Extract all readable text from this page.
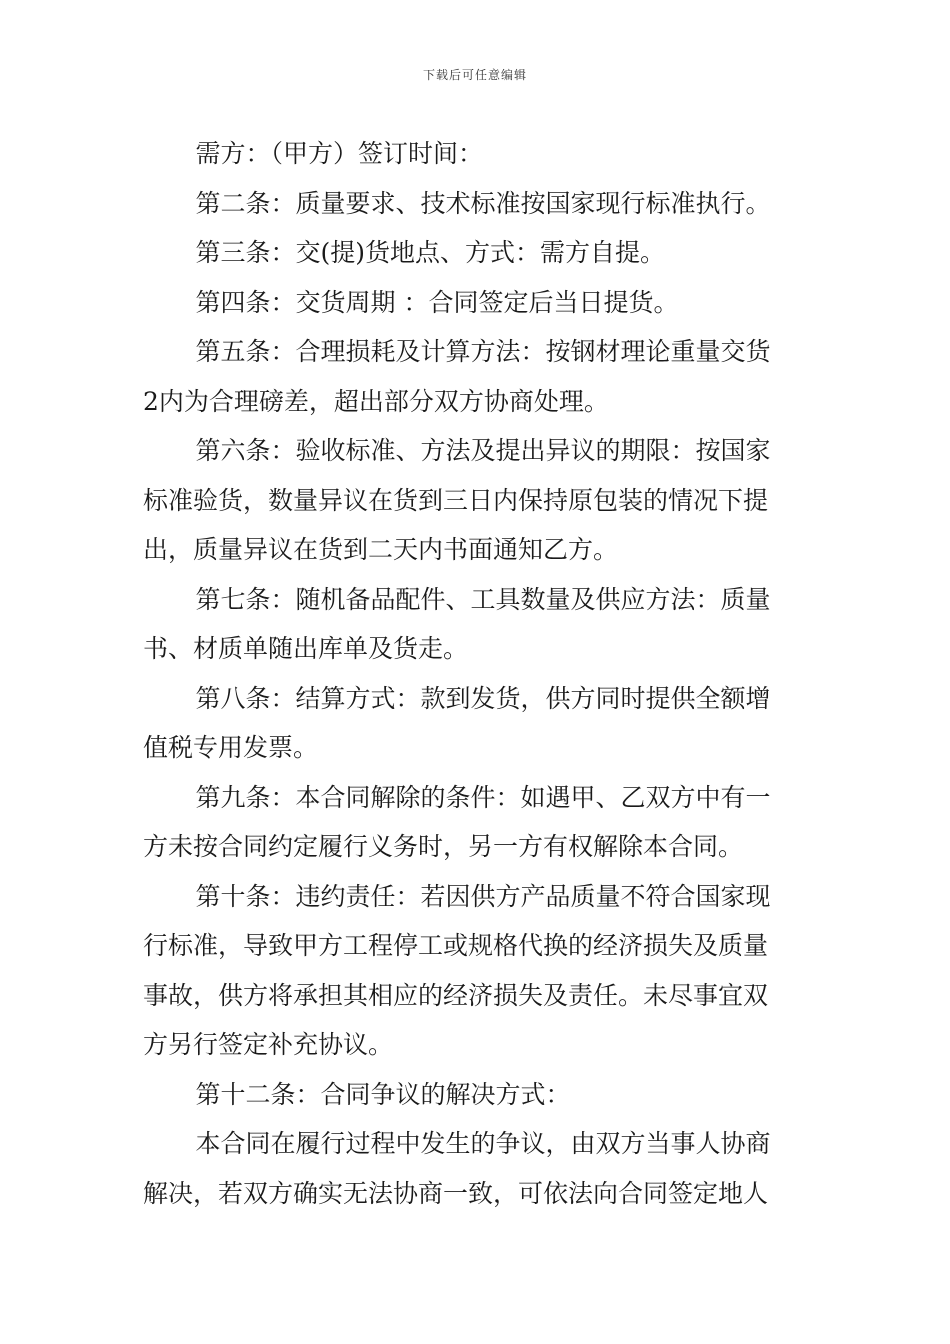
下载后可任意编辑

需方：（甲方）签订时间：

第二条：质量要求、技术标准按国家现行标准执行。

第三条：交(提)货地点、方式：需方自提。

第四条：交货周期 ：合同签定后当日提货。

第五条：合理损耗及计算方法：按钢材理论重量交货
2内为合理磅差，超出部分双方协商处理。

第六条：验收标准、方法及提出异议的期限：按国家
标准验货，数量异议在货到三日内保持原包装的情况下提
出，质量异议在货到二天内书面通知乙方。

第七条：随机备品配件、工具数量及供应方法：质量
书、材质单随出库单及货走。

第八条：结算方式：款到发货，供方同时提供全额增
值税专用发票。

第九条：本合同解除的条件：如遇甲、乙双方中有一
方未按合同约定履行义务时，另一方有权解除本合同。

第十条：违约责任：若因供方产品质量不符合国家现
行标准，导致甲方工程停工或规格代换的经济损失及质量
事故，供方将承担其相应的经济损失及责任。未尽事宜双
方另行签定补充协议。

第十二条：合同争议的解决方式：

本合同在履行过程中发生的争议，由双方当事人协商
解决，若双方确实无法协商一致，可依法向合同签定地人
